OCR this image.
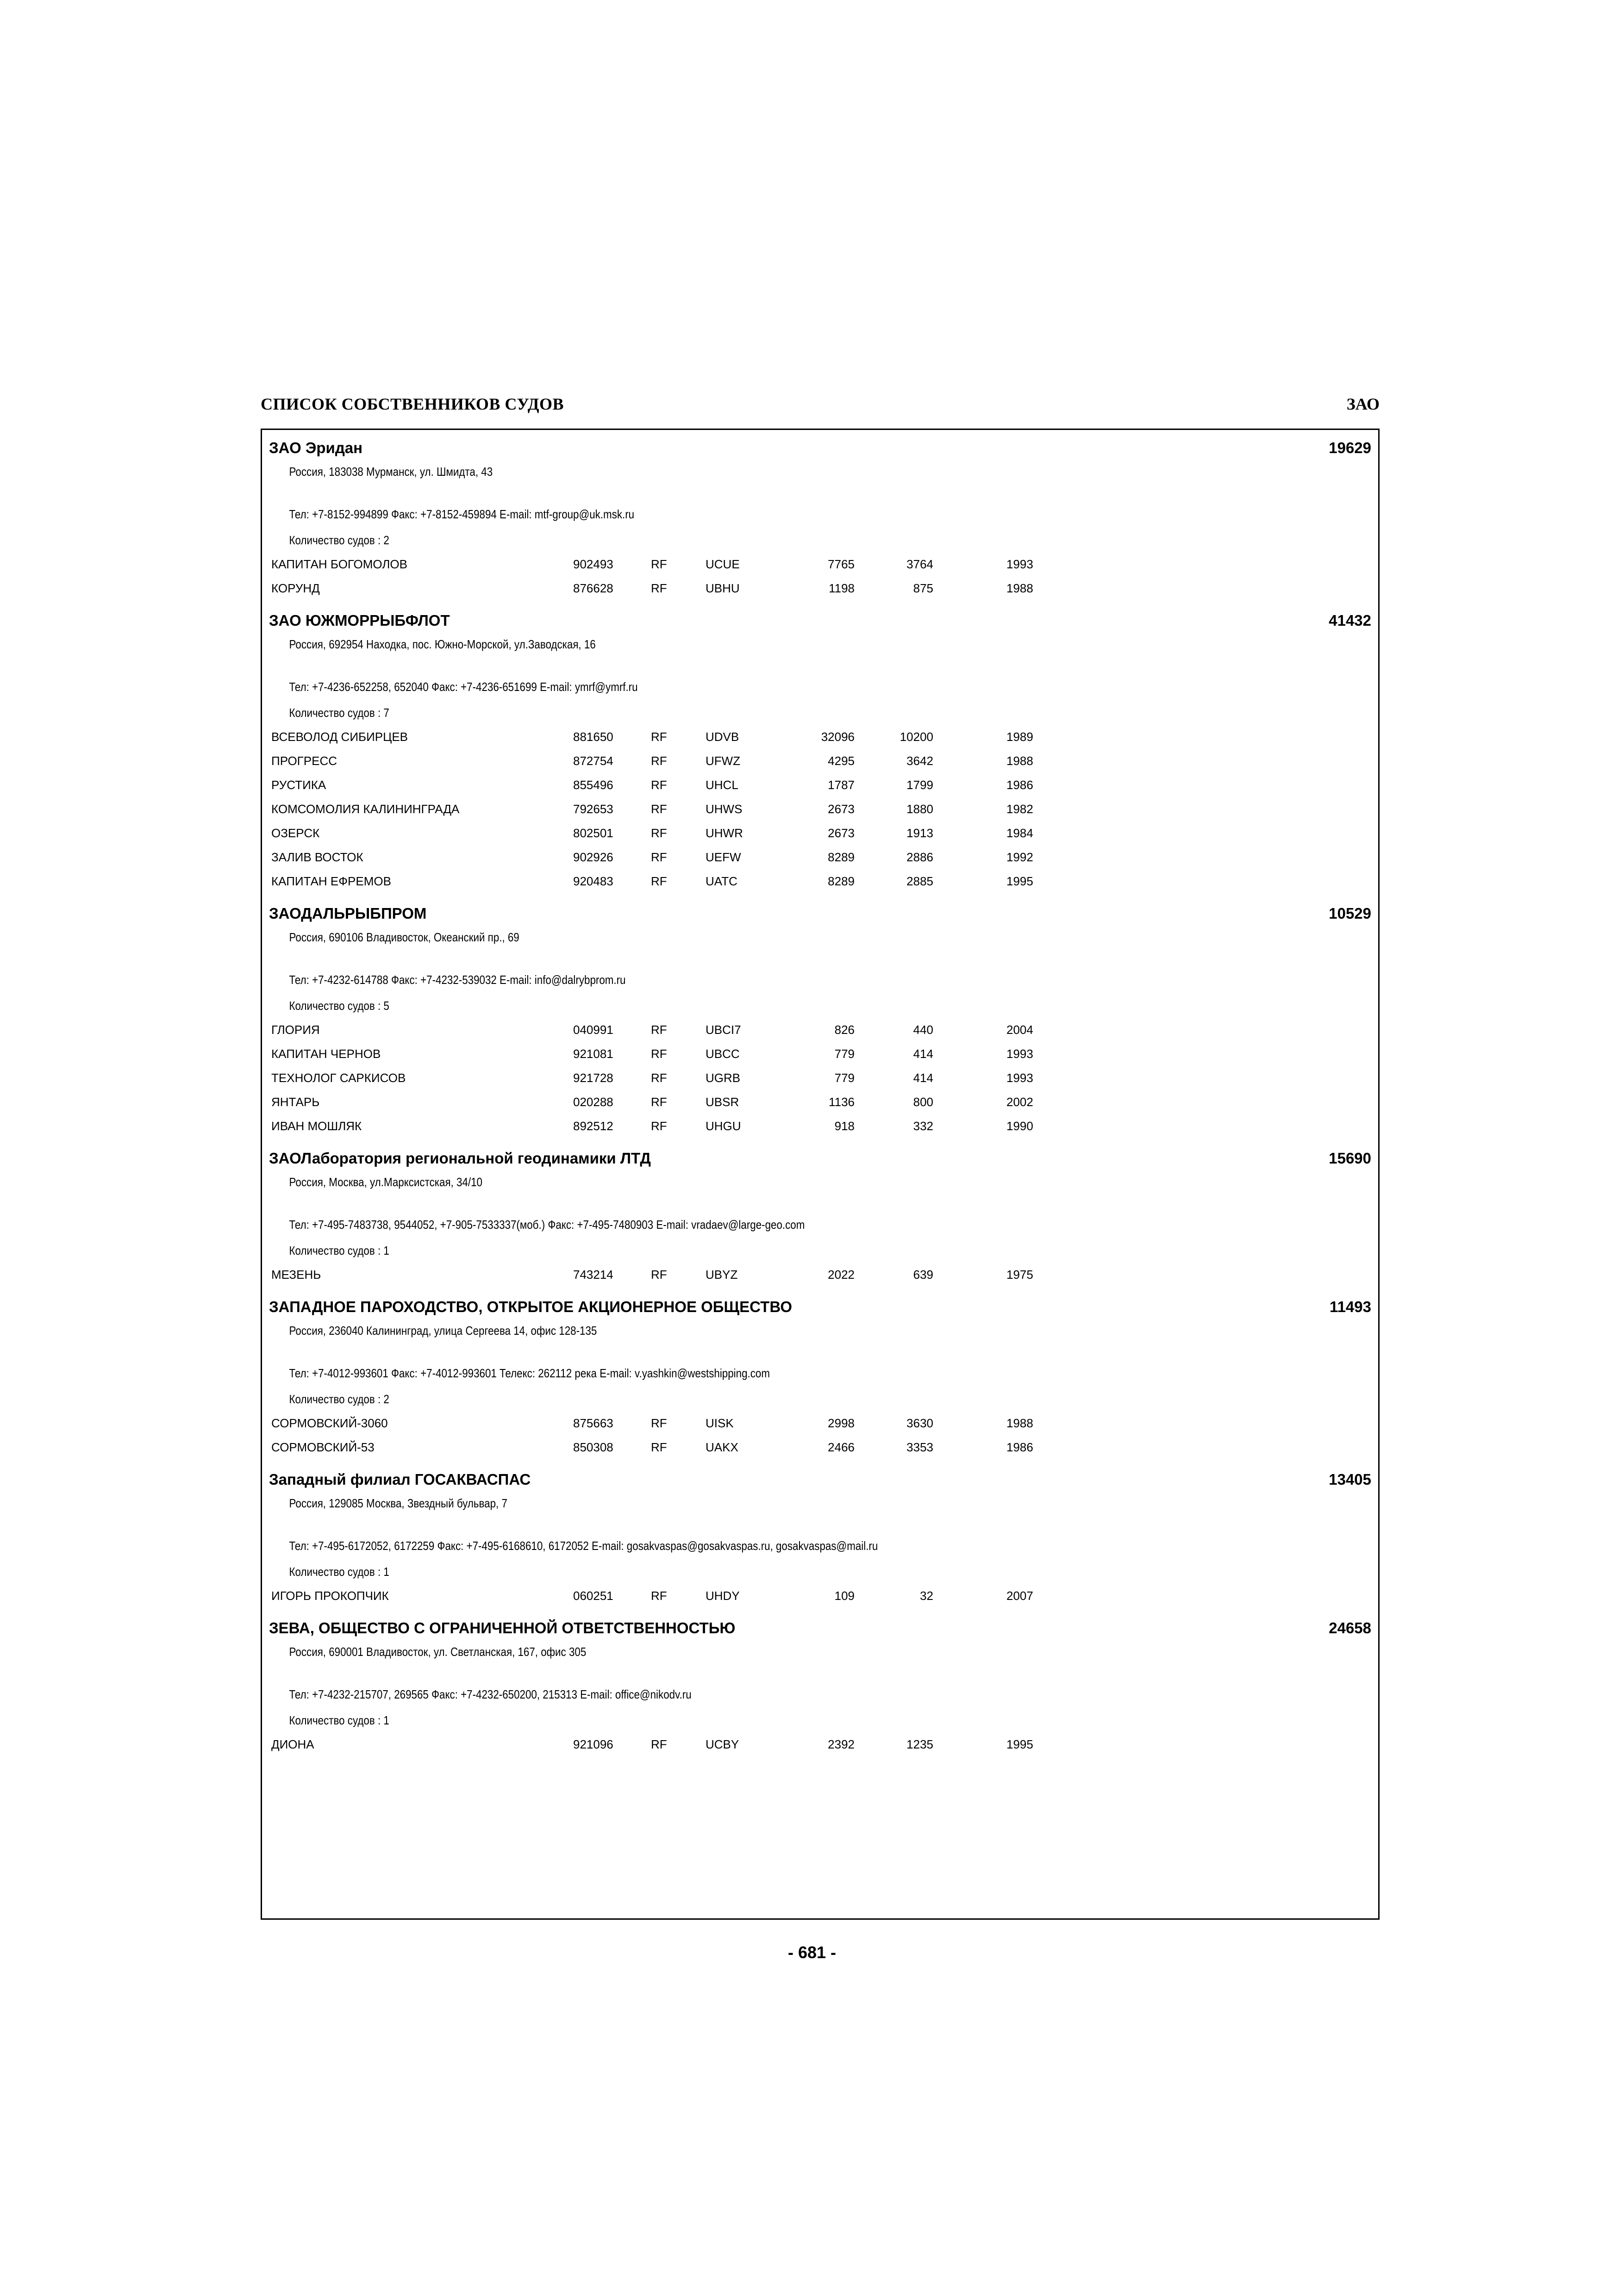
СПИСОК СОБСТВЕННИКОВ СУДОВ	ЗАО
ЗАО Эридан	19629
Россия, 183038 Мурманск, ул. Шмидта, 43
Тел: +7-8152-994899 Факс: +7-8152-459894 E-mail: mtf-group@uk.msk.ru
Количество судов : 2
КАПИТАН БОГОМОЛОВ	902493	RF	UCUE	7765	3764	1993
КОРУНД	876628	RF	UBHU	1198	875	1988
ЗАО ЮЖМОРРЫБФЛОТ	41432
Россия, 692954 Находка, пос. Южно-Морской, ул.Заводская, 16
Тел: +7-4236-652258, 652040 Факс: +7-4236-651699 E-mail: ymrf@ymrf.ru
Количество судов : 7
ВСЕВОЛОД СИБИРЦЕВ	881650	RF	UDVB	32096	10200	1989
ПРОГРЕСС	872754	RF	UFWZ	4295	3642	1988
РУСТИКА	855496	RF	UHCL	1787	1799	1986
КОМСОМОЛИЯ КАЛИНИНГРАДА	792653	RF	UHWS	2673	1880	1982
ОЗЕРСК	802501	RF	UHWR	2673	1913	1984
ЗАЛИВ ВОСТОК	902926	RF	UEFW	8289	2886	1992
КАПИТАН ЕФРЕМОВ	920483	RF	UATC	8289	2885	1995
ЗАОДАЛЬРЫБПРОМ	10529
Россия, 690106 Владивосток, Океанский пр., 69
Тел: +7-4232-614788 Факс: +7-4232-539032 E-mail: info@dalrybprom.ru
Количество судов : 5
ГЛОРИЯ	040991	RF	UBCI7	826	440	2004
КАПИТАН ЧЕРНОВ	921081	RF	UBCC	779	414	1993
ТЕХНОЛОГ САРКИСОВ	921728	RF	UGRB	779	414	1993
ЯНТАРЬ	020288	RF	UBSR	1136	800	2002
ИВАН МОШЛЯК	892512	RF	UHGU	918	332	1990
ЗАОЛаборатория региональной геодинамики ЛТД	15690
Россия, Москва, ул.Марксистская, 34/10
Тел: +7-495-7483738, 9544052, +7-905-7533337(моб.) Факс: +7-495-7480903 E-mail: vradaev@large-geo.com
Количество судов : 1
МЕЗЕНЬ	743214	RF	UBYZ	2022	639	1975
ЗАПАДНОЕ ПАРОХОДСТВО, ОТКРЫТОЕ АКЦИОНЕРНОЕ ОБЩЕСТВО	11493
Россия, 236040 Калининград, улица Сергеева 14, офис 128-135
Тел: +7-4012-993601 Факс: +7-4012-993601 Телекс: 262112 река E-mail: v.yashkin@westshipping.com
Количество судов : 2
СОРМОВСКИЙ-3060	875663	RF	UISK	2998	3630	1988
СОРМОВСКИЙ-53	850308	RF	UAKX	2466	3353	1986
Западный филиал ГОСАКВАСПАС	13405
Россия, 129085 Москва, Звездный бульвар, 7
Тел: +7-495-6172052, 6172259 Факс: +7-495-6168610, 6172052 E-mail: gosakvaspas@gosakvaspas.ru, gosakvaspas@mail.ru
Количество судов : 1
ИГОРЬ ПРОКОПЧИК	060251	RF	UHDY	109	32	2007
ЗЕВА, ОБЩЕСТВО С ОГРАНИЧЕННОЙ ОТВЕТСТВЕННОСТЬЮ	24658
Россия, 690001 Владивосток, ул. Светланская, 167, офис 305
Тел: +7-4232-215707, 269565 Факс: +7-4232-650200, 215313 E-mail: office@nikodv.ru
Количество судов : 1
ДИОНА	921096	RF	UCBY	2392	1235	1995
- 681 -
